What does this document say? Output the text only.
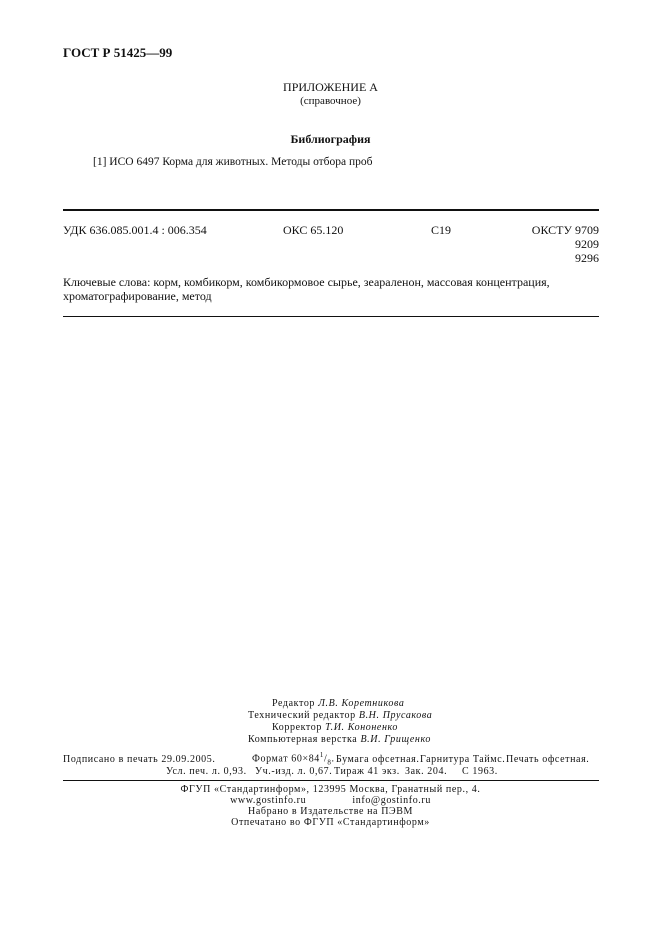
ГОСТ Р 51425—99
ПРИЛОЖЕНИЕ А
(справочное)
Библиография
[1] ИСО 6497 Корма для животных. Методы отбора проб
УДК 636.085.001.4 : 006.354	ОКС 65.120	С19	ОКСТУ 9709
9209
9296
Ключевые слова: корм, комбикорм, комбикормовое сырье, зеараленон, массовая концентрация,
хроматографирование, метод
Редактор Л.В. Коретникова
Технический редактор В.Н. Прусакова
Корректор Т.И. Кононенко
Компьютерная верстка В.И. Грищенко
Подписано в печать 29.09.2005.	Формат $60\times 84^1/_8$. Бумага офсетная. Гарнитура Таймс. Печать офсетная.
Усл. печ. л. 0,93. Уч.-изд. л. 0,67. Тираж 41 экз. Зак. 204. С 1963.
ФГУП «Стандартинформ», 123995 Москва, Гранатный пер., 4.
www.gostinfo.ru	info@gostinfo.ru
Набрано в Издательстве на ПЭВМ
Отпечатано во ФГУП «Стандартинформ»
